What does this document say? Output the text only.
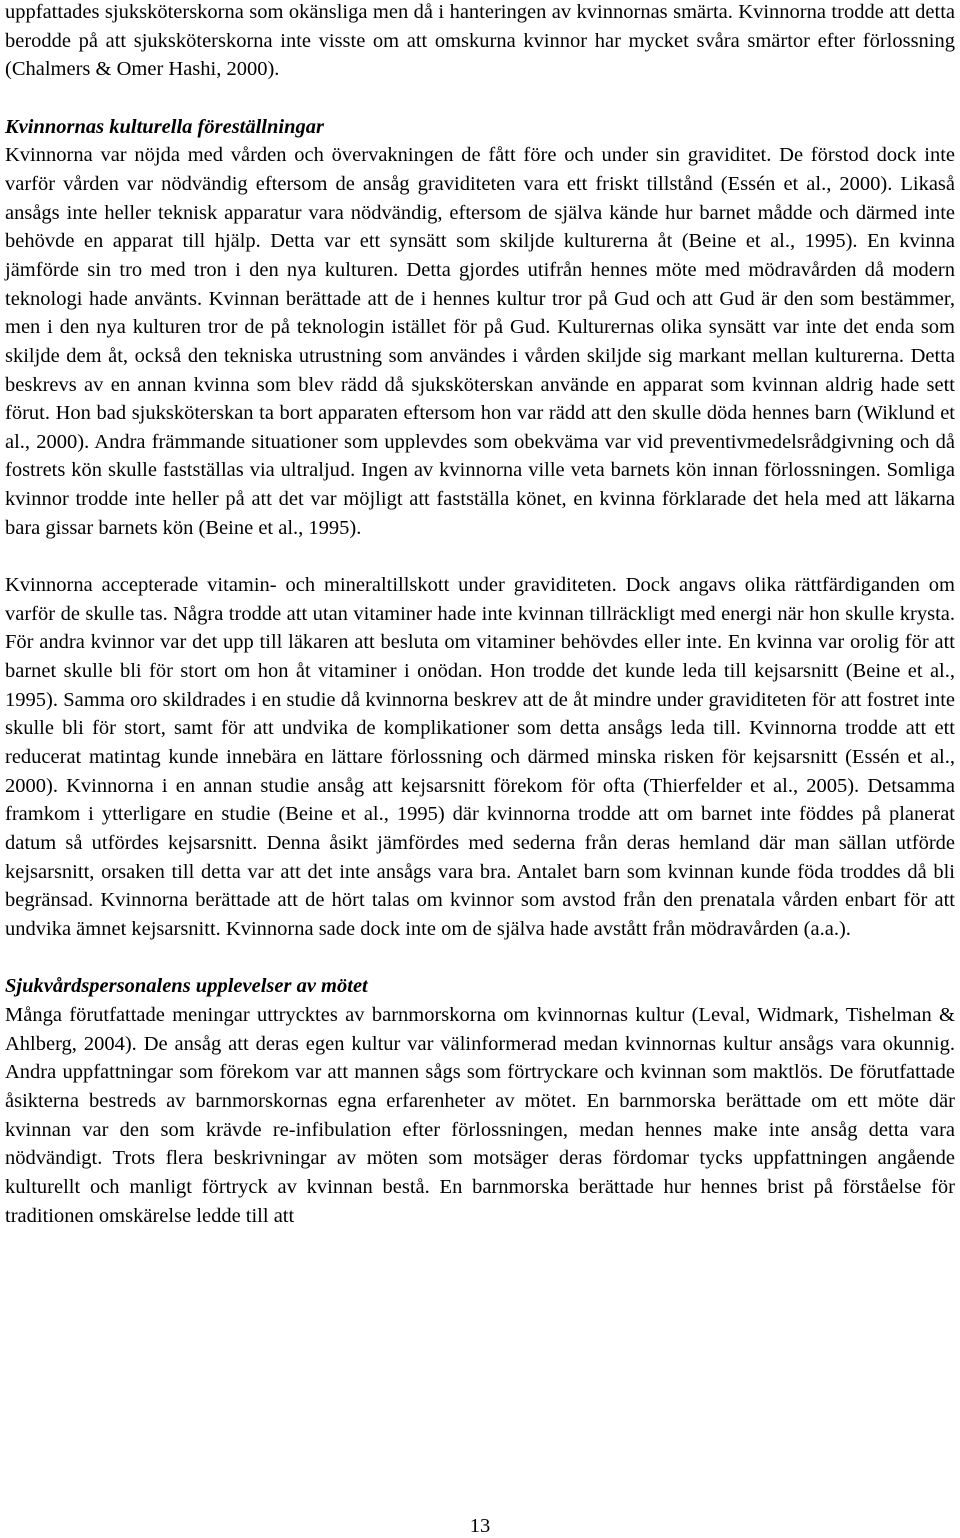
uppfattades sjuksköterskorna som okänsliga men då i hanteringen av kvinnornas smärta. Kvinnorna trodde att detta berodde på att sjuksköterskorna inte visste om att omskurna kvinnor har mycket svåra smärtor efter förlossning (Chalmers & Omer Hashi, 2000).

Kvinnornas kulturella föreställningar

Kvinnorna var nöjda med vården och övervakningen de fått före och under sin graviditet. De förstod dock inte varför vården var nödvändig eftersom de ansåg graviditeten vara ett friskt tillstånd (Essén et al., 2000). Likaså ansågs inte heller teknisk apparatur vara nödvändig, eftersom de själva kände hur barnet mådde och därmed inte behövde en apparat till hjälp. Detta var ett synsätt som skiljde kulturerna åt (Beine et al., 1995). En kvinna jämförde sin tro med tron i den nya kulturen. Detta gjordes utifrån hennes möte med mödravården då modern teknologi hade använts. Kvinnan berättade att de i hennes kultur tror på Gud och att Gud är den som bestämmer, men i den nya kulturen tror de på teknologin istället för på Gud. Kulturernas olika synsätt var inte det enda som skiljde dem åt, också den tekniska utrustning som användes i vården skiljde sig markant mellan kulturerna. Detta beskrevs av en annan kvinna som blev rädd då sjuksköterskan använde en apparat som kvinnan aldrig hade sett förut. Hon bad sjuksköterskan ta bort apparaten eftersom hon var rädd att den skulle döda hennes barn (Wiklund et al., 2000). Andra främmande situationer som upplevdes som obekväma var vid preventivmedelsrådgivning och då fostrets kön skulle fastställas via ultraljud. Ingen av kvinnorna ville veta barnets kön innan förlossningen. Somliga kvinnor trodde inte heller på att det var möjligt att fastställa könet, en kvinna förklarade det hela med att läkarna bara gissar barnets kön (Beine et al., 1995).

Kvinnorna accepterade vitamin- och mineraltillskott under graviditeten. Dock angavs olika rättfärdiganden om varför de skulle tas. Några trodde att utan vitaminer hade inte kvinnan tillräckligt med energi när hon skulle krysta. För andra kvinnor var det upp till läkaren att besluta om vitaminer behövdes eller inte. En kvinna var orolig för att barnet skulle bli för stort om hon åt vitaminer i onödan. Hon trodde det kunde leda till kejsarsnitt (Beine et al., 1995). Samma oro skildrades i en studie då kvinnorna beskrev att de åt mindre under graviditeten för att fostret inte skulle bli för stort, samt för att undvika de komplikationer som detta ansågs leda till. Kvinnorna trodde att ett reducerat matintag kunde innebära en lättare förlossning och därmed minska risken för kejsarsnitt (Essén et al., 2000). Kvinnorna i en annan studie ansåg att kejsarsnitt förekom för ofta (Thierfelder et al., 2005). Detsamma framkom i ytterligare en studie (Beine et al., 1995) där kvinnorna trodde att om barnet inte föddes på planerat datum så utfördes kejsarsnitt. Denna åsikt jämfördes med sederna från deras hemland där man sällan utförde kejsarsnitt, orsaken till detta var att det inte ansågs vara bra. Antalet barn som kvinnan kunde föda troddes då bli begränsad. Kvinnorna berättade att de hört talas om kvinnor som avstod från den prenatala vården enbart för att undvika ämnet kejsarsnitt. Kvinnorna sade dock inte om de själva hade avstått från mödravården (a.a.).

Sjukvårdspersonalens upplevelser av mötet

Många förutfattade meningar uttrycktes av barnmorskorna om kvinnornas kultur (Leval, Widmark, Tishelman & Ahlberg, 2004). De ansåg att deras egen kultur var välinformerad medan kvinnornas kultur ansågs vara okunnig. Andra uppfattningar som förekom var att mannen sågs som förtryckare och kvinnan som maktlös. De förutfattade åsikterna bestreds av barnmorskornas egna erfarenheter av mötet. En barnmorska berättade om ett möte där kvinnan var den som krävde re-infibulation efter förlossningen, medan hennes make inte ansåg detta vara nödvändigt. Trots flera beskrivningar av möten som motsäger deras fördomar tycks uppfattningen angående kulturellt och manligt förtryck av kvinnan bestå. En barnmorska berättade hur hennes brist på förståelse för traditionen omskärelse ledde till att

13
